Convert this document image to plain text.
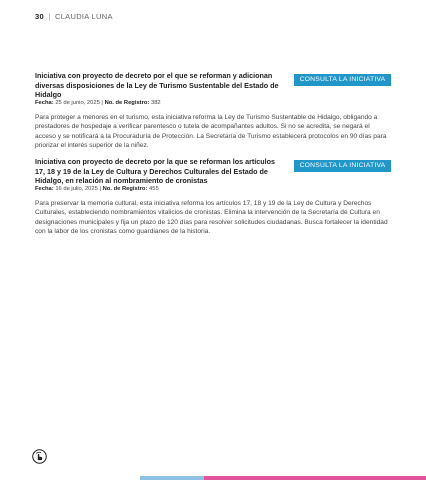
30 | CLAUDIA LUNA
Iniciativa con proyecto de decreto por el que se reforman y adicionan diversas disposiciones de la Ley de Turismo Sustentable del Estado de Hidalgo
CONSULTA LA INICIATIVA
Fecha: 25 de junio, 2025 | No. de Registro: 382

Para proteger a menores en el turismo, esta iniciativa reforma la Ley de Turismo Sustentable de Hidalgo, obligando a prestadores de hospedaje a verificar parentesco o tutela de acompañantes adultos. Si no se acredita, se negará el acceso y se notificará a la Procuraduría de Protección. La Secretaría de Turismo establecerá protocolos en 90 días para priorizar el interés superior de la niñez.

Iniciativa con proyecto de decreto por la que se reforman los artículos 17, 18 y 19 de la Ley de Cultura y Derechos Culturales del Estado de Hidalgo, en relación al nombramiento de cronistas
CONSULTA LA INICIATIVA
Fecha: 16 de julio, 2025 | No. de Registro: 455

Para preservar la memoria cultural, esta iniciativa reforma los artículos 17, 18 y 19 de la Ley de Cultura y Derechos Culturales, estableciendo nombramientos vitalicios de cronistas. Elimina la intervención de la Secretaría de Cultura en designaciones municipales y fija un plazo de 120 días para resolver solicitudes ciudadanas. Busca fortalecer la identidad con la labor de los cronistas como guardianes de la historia.
